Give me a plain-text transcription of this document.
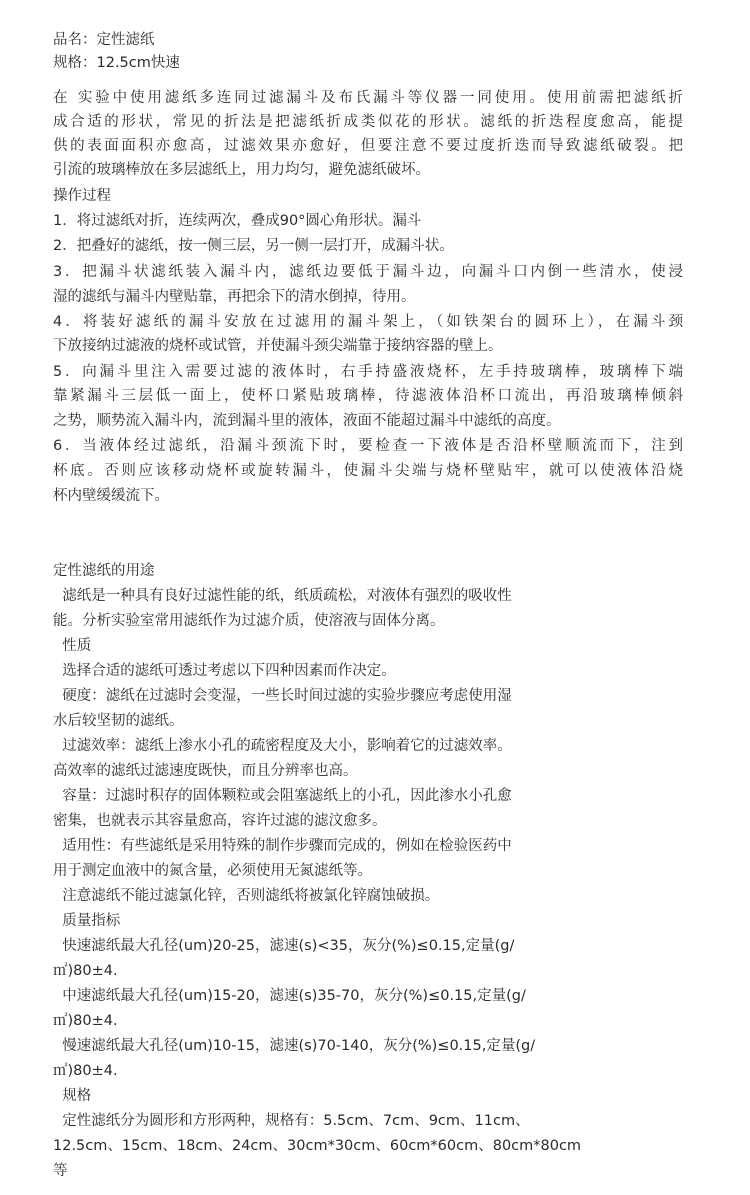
品名：定性滤纸
规格：12.5cm快速
在 实验中使用滤纸多连同过滤漏斗及布氏漏斗等仪器一同使用。使用前需把滤纸折
成合适的形状，常见的折法是把滤纸折成类似花的形状。滤纸的折迭程度愈高，能提
供的表面面积亦愈高，过滤效果亦愈好，但要注意不要过度折迭而导致滤纸破裂。把
引流的玻璃棒放在多层滤纸上，用力均匀，避免滤纸破坏。
操作过程
1．将过滤纸对折，连续两次，叠成90°圆心角形状。漏斗
2．把叠好的滤纸，按一侧三层，另一侧一层打开，成漏斗状。
3．把漏斗状滤纸装入漏斗内，滤纸边要低于漏斗边，向漏斗口内倒一些清水，使浸
湿的滤纸与漏斗内壁贴靠，再把余下的清水倒掉，待用。
4．将装好滤纸的漏斗安放在过滤用的漏斗架上，（如铁架台的圆环上），在漏斗颈
下放接纳过滤液的烧杯或试管，并使漏斗颈尖端靠于接纳容器的壁上。
5．向漏斗里注入需要过滤的液体时，右手持盛液烧杯，左手持玻璃棒，玻璃棒下端
靠紧漏斗三层低一面上，使杯口紧贴玻璃棒，待滤液体沿杯口流出，再沿玻璃棒倾斜
之势，顺势流入漏斗内，流到漏斗里的液体，液面不能超过漏斗中滤纸的高度。
6．当液体经过滤纸，沿漏斗颈流下时，要检查一下液体是否沿杯壁顺流而下，注到
杯底。否则应该移动烧杯或旋转漏斗，使漏斗尖端与烧杯壁贴牢，就可以使液体沿烧
杯内壁缓缓流下。
定性滤纸的用途
滤纸是一种具有良好过滤性能的纸，纸质疏松，对液体有强烈的吸收性
能。分析实验室常用滤纸作为过滤介质，使溶液与固体分离。
性质
选择合适的滤纸可透过考虑以下四种因素而作决定。
硬度：滤纸在过滤时会变湿，一些长时间过滤的实验步骤应考虑使用湿
水后较坚韧的滤纸。
过滤效率：滤纸上渗水小孔的疏密程度及大小，影响着它的过滤效率。
高效率的滤纸过滤速度既快，而且分辨率也高。
容量：过滤时积存的固体颗粒或会阻塞滤纸上的小孔，因此渗水小孔愈
密集，也就表示其容量愈高，容许过滤的滤汶愈多。
适用性：有些滤纸是采用特殊的制作步骤而完成的，例如在检验医药中
用于测定血液中的氮含量，必须使用无氮滤纸等。
注意滤纸不能过滤氯化锌，否则滤纸将被氯化锌腐蚀破损。
质量指标
快速滤纸最大孔径(um)20-25，滤速(s)<35，灰分(%)≤0.15,定量(g/
㎡)80±4.
中速滤纸最大孔径(um)15-20，滤速(s)35-70，灰分(%)≤0.15,定量(g/
㎡)80±4.
慢速滤纸最大孔径(um)10-15，滤速(s)70-140，灰分(%)≤0.15,定量(g/
㎡)80±4.
规格
定性滤纸分为圆形和方形两种，规格有：5.5cm、7cm、9cm、11cm、
12.5cm、15cm、18cm、24cm、30cm*30cm、60cm*60cm、80cm*80cm
等
